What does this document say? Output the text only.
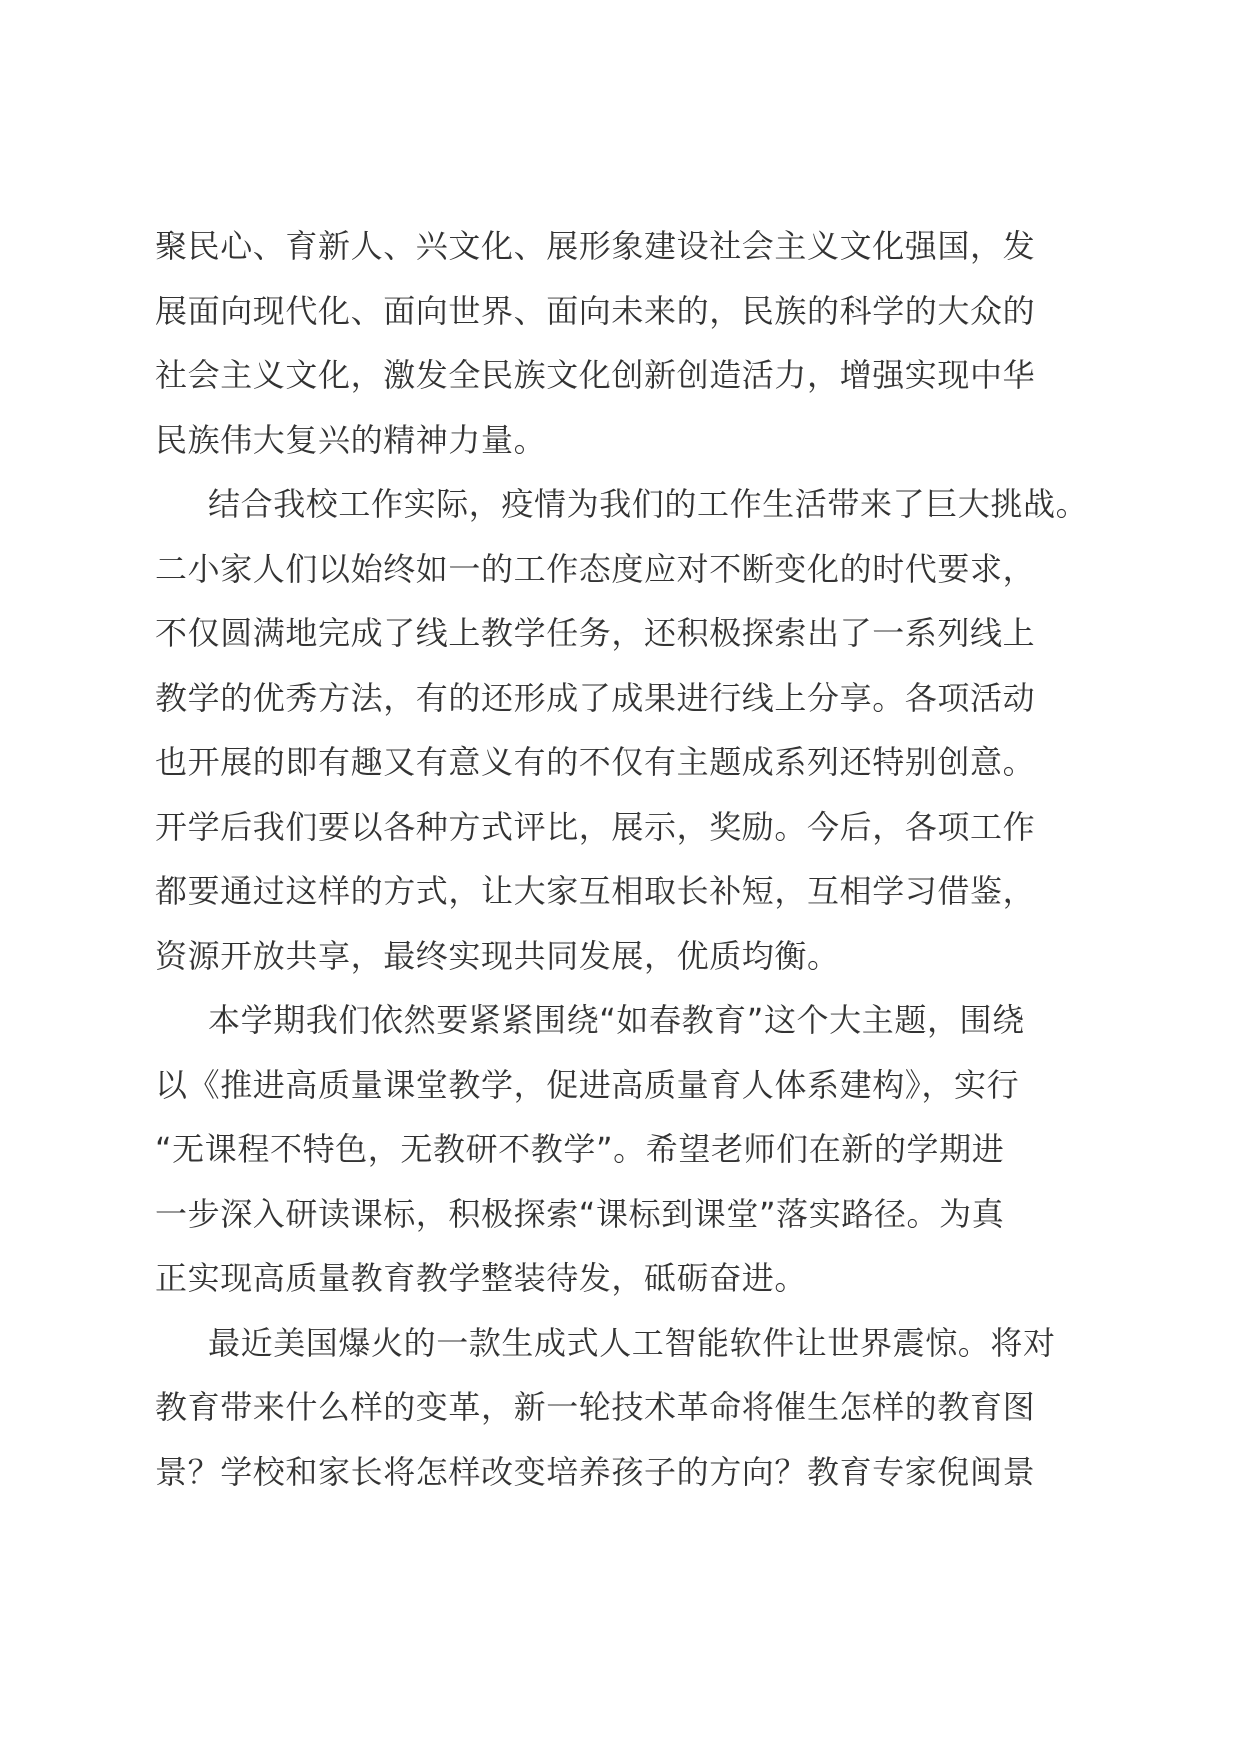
聚民心、育新人、兴文化、展形象建设社会主义文化强国，发
展面向现代化、面向世界、面向未来的，民族的科学的大众的
社会主义文化，激发全民族文化创新创造活力，增强实现中华
民族伟大复兴的精神力量。
结合我校工作实际，疫情为我们的工作生活带来了巨大挑战。
二小家人们以始终如一的工作态度应对不断变化的时代要求，
不仅圆满地完成了线上教学任务，还积极探索出了一系列线上
教学的优秀方法，有的还形成了成果进行线上分享。各项活动
也开展的即有趣又有意义有的不仅有主题成系列还特别创意。
开学后我们要以各种方式评比，展示，奖励。今后，各项工作
都要通过这样的方式，让大家互相取长补短，互相学习借鉴，
资源开放共享，最终实现共同发展，优质均衡。
本学期我们依然要紧紧围绕“如春教育”这个大主题，围绕
以《推进高质量课堂教学，促进高质量育人体系建构》，实行
“无课程不特色，无教研不教学”。希望老师们在新的学期进
一步深入研读课标，积极探索“课标到课堂”落实路径。为真
正实现高质量教育教学整装待发，砥砺奋进。
最近美国爆火的一款生成式人工智能软件让世界震惊。将对
教育带来什么样的变革，新一轮技术革命将催生怎样的教育图
景？学校和家长将怎样改变培养孩子的方向？教育专家倪闽景
